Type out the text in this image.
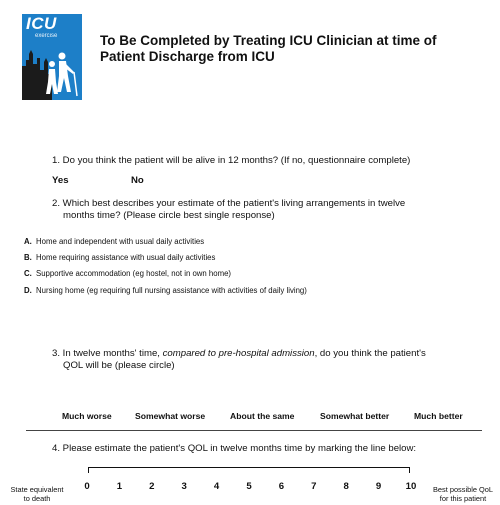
ICU
exercise	To Be Completed by Treating ICU Clinician at time of
Patient Discharge from ICU
1. Do you think the patient will be alive in 12 months? (If no, questionnaire complete)
Yes	No
2. Which best describes your estimate of the patient's living arrangements in twelve
months time? (Please circle best single response)
A. Home and independent with usual daily activities
B. Home requiring assistance with usual daily activities
C. Supportive accommodation (eg hostel, not in own home)
D. Nursing home (eg requiring full nursing assistance with activities of daily living)
3. In twelve months' time, compared to pre-hospital admission, do you think the patient's
QOL will be (please circle)
Much worse	Somewhat worse	About the same	Somewhat better	Much better
4. Please estimate the patient's QOL in twelve months time by marking the line below:
State equivalent
to death
0	1	2	3	4	5	6	7	8	9	10	Best possible QoL
for this patient
